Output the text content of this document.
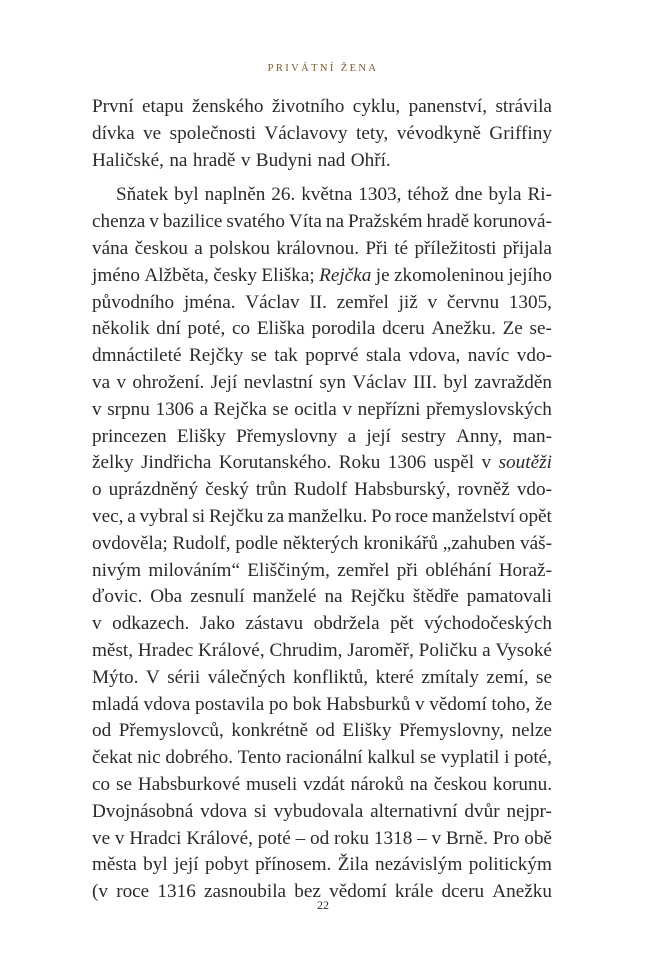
PRIVÁTNÍ ŽENA
První etapu ženského životního cyklu, panenství, strávila
dívka ve společnosti Václavovy tety, vévodkyně Griffiny
Haličské, na hradě v Budyni nad Ohří.
Sňatek byl naplněn 26. května 1303, téhož dne byla Ri-
chenza v bazilice svatého Víta na Pražském hradě korunová-
vána českou a polskou královnou. Při té příležitosti přijala
jméno Alžběta, česky Eliška; Rejčka je zkomoleninou jejího
původního jména. Václav II. zemřel již v červnu 1305,
několik dní poté, co Eliška porodila dceru Anežku. Ze se-
dmnáctileté Rejčky se tak poprvé stala vdova, navíc vdo-
va v ohrožení. Její nevlastní syn Václav III. byl zavražděn
v srpnu 1306 a Rejčka se ocitla v nepřízni přemyslovských
princezen Elišky Přemyslovny a její sestry Anny, man-
želky Jindřicha Korutanského. Roku 1306 uspěl v soutěži
o uprázdněný český trůn Rudolf Habsburský, rovněž vdo-
vec, a vybral si Rejčku za manželku. Po roce manželství opět
ovdověla; Rudolf, podle některých kronikářů „zahuben váš-
nivým milováním“ Eliščiným, zemřel při obléhání Horaž-
ďovic. Oba zesnulí manželé na Rejčku štědře pamatovali
v odkazech. Jako zástavu obdržela pět východočeských
měst, Hradec Králové, Chrudim, Jaroměř, Poličku a Vysoké
Mýto. V sérii válečných konfliktů, které zmítaly zemí, se
mladá vdova postavila po bok Habsburků v vědomí toho, že
od Přemyslovců, konkrétně od Elišky Přemyslovny, nelze
čekat nic dobrého. Tento racionální kalkul se vyplatil i poté,
co se Habsburkové museli vzdát nároků na českou korunu.
Dvojnásobná vdova si vybudovala alternativní dvůr nejpr-
ve v Hradci Králové, poté – od roku 1318 – v Brně. Pro obě
města byl její pobyt přínosem. Žila nezávislým politickým
(v roce 1316 zasnoubila bez vědomí krále dceru Anežku
22
